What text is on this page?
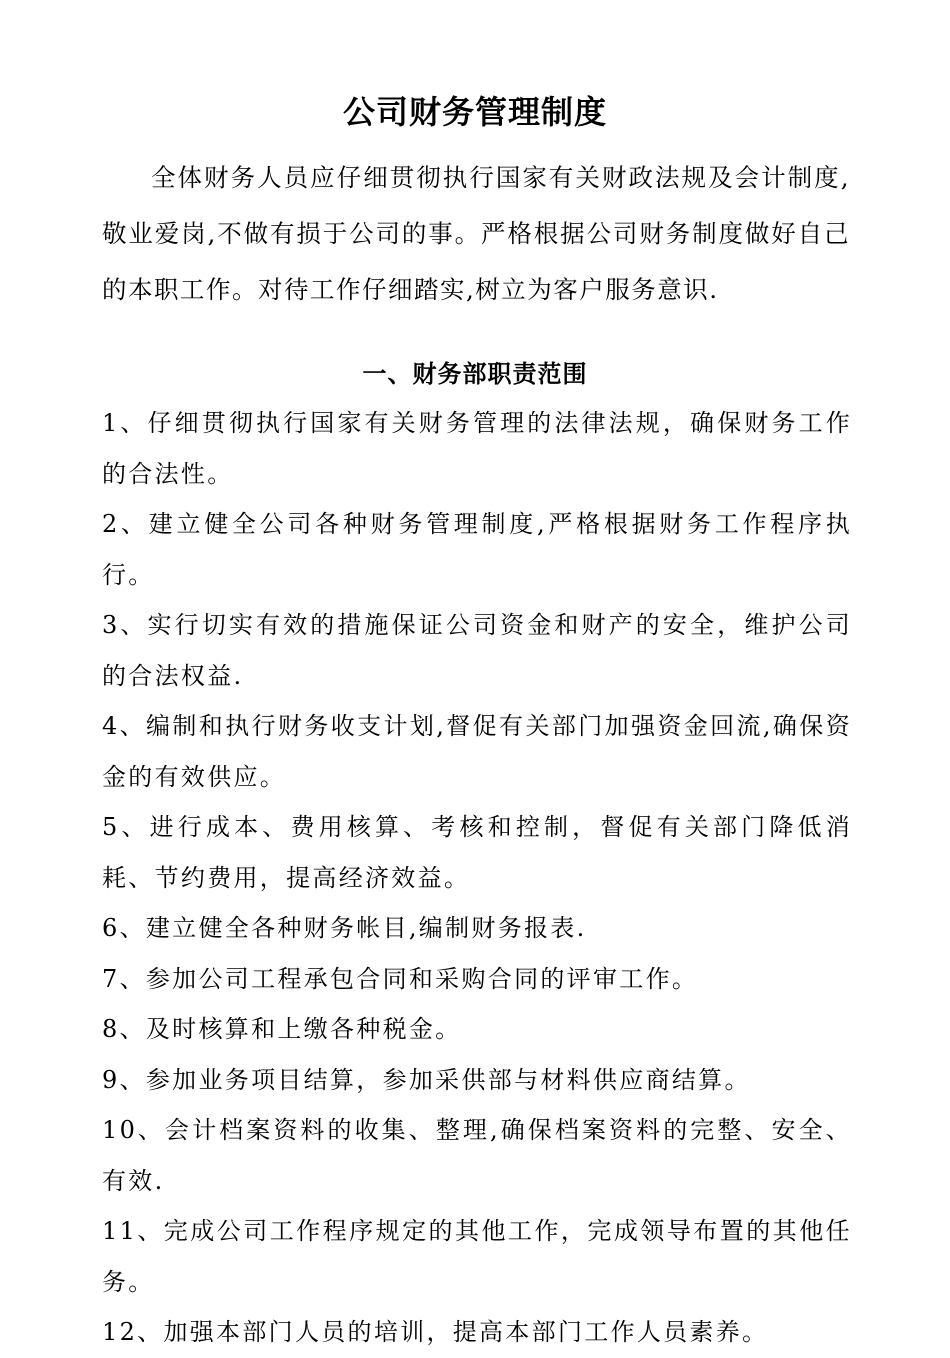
公司财务管理制度

全体财务人员应仔细贯彻执行国家有关财政法规及会计制度,敬业爱岗,不做有损于公司的事。严格根据公司财务制度做好自己的本职工作。对待工作仔细踏实,树立为客户服务意识.

一、财务部职责范围
1、仔细贯彻执行国家有关财务管理的法律法规，确保财务工作的合法性。
2、建立健全公司各种财务管理制度,严格根据财务工作程序执行。
3、实行切实有效的措施保证公司资金和财产的安全，维护公司的合法权益.
4、编制和执行财务收支计划,督促有关部门加强资金回流,确保资金的有效供应。
5、进行成本、费用核算、考核和控制，督促有关部门降低消耗、节约费用，提高经济效益。
6、建立健全各种财务帐目,编制财务报表.
7、参加公司工程承包合同和采购合同的评审工作。
8、及时核算和上缴各种税金。
9、参加业务项目结算，参加采供部与材料供应商结算。
10、会计档案资料的收集、整理,确保档案资料的完整、安全、有效.
11、完成公司工作程序规定的其他工作，完成领导布置的其他任务。
12、加强本部门人员的培训，提高本部门工作人员素养。
